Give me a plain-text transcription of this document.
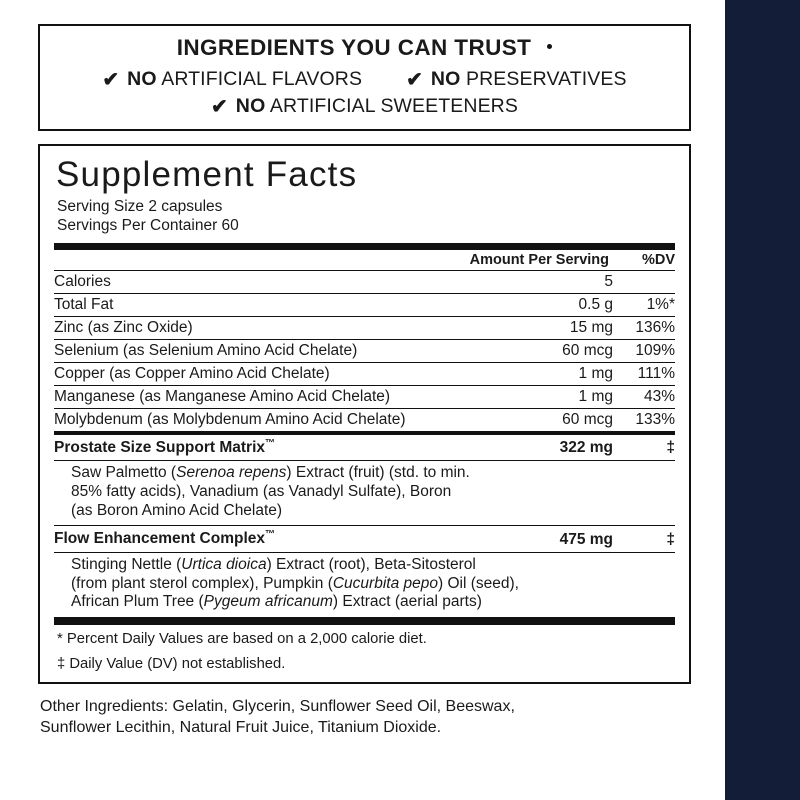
INGREDIENTS YOU CAN TRUST
✔ NO ARTIFICIAL FLAVORS ✔ NO PRESERVATIVES
✔ NO ARTIFICIAL SWEETENERS
Supplement Facts
Serving Size 2 capsules
Servings Per Container 60
	Amount Per Serving	%DV
Calories	5	
Total Fat	0.5 g	1%*
Zinc (as Zinc Oxide)	15 mg	136%
Selenium (as Selenium Amino Acid Chelate)	60 mcg	109%
Copper (as Copper Amino Acid Chelate)	1 mg	111%
Manganese (as Manganese Amino Acid Chelate)	1 mg	43%
Molybdenum (as Molybdenum Amino Acid Chelate)	60 mcg	133%
Prostate Size Support Matrix™	322 mg	‡
Saw Palmetto (Serenoa repens) Extract (fruit) (std. to min.
85% fatty acids), Vanadium (as Vanadyl Sulfate), Boron
(as Boron Amino Acid Chelate)
Flow Enhancement Complex™	475 mg	‡
Stinging Nettle (Urtica dioica) Extract (root), Beta-Sitosterol
(from plant sterol complex), Pumpkin (Cucurbita pepo) Oil (seed),
African Plum Tree (Pygeum africanum) Extract (aerial parts)
* Percent Daily Values are based on a 2,000 calorie diet.
‡ Daily Value (DV) not established.
Other Ingredients: Gelatin, Glycerin, Sunflower Seed Oil, Beeswax,
Sunflower Lecithin, Natural Fruit Juice, Titanium Dioxide.
